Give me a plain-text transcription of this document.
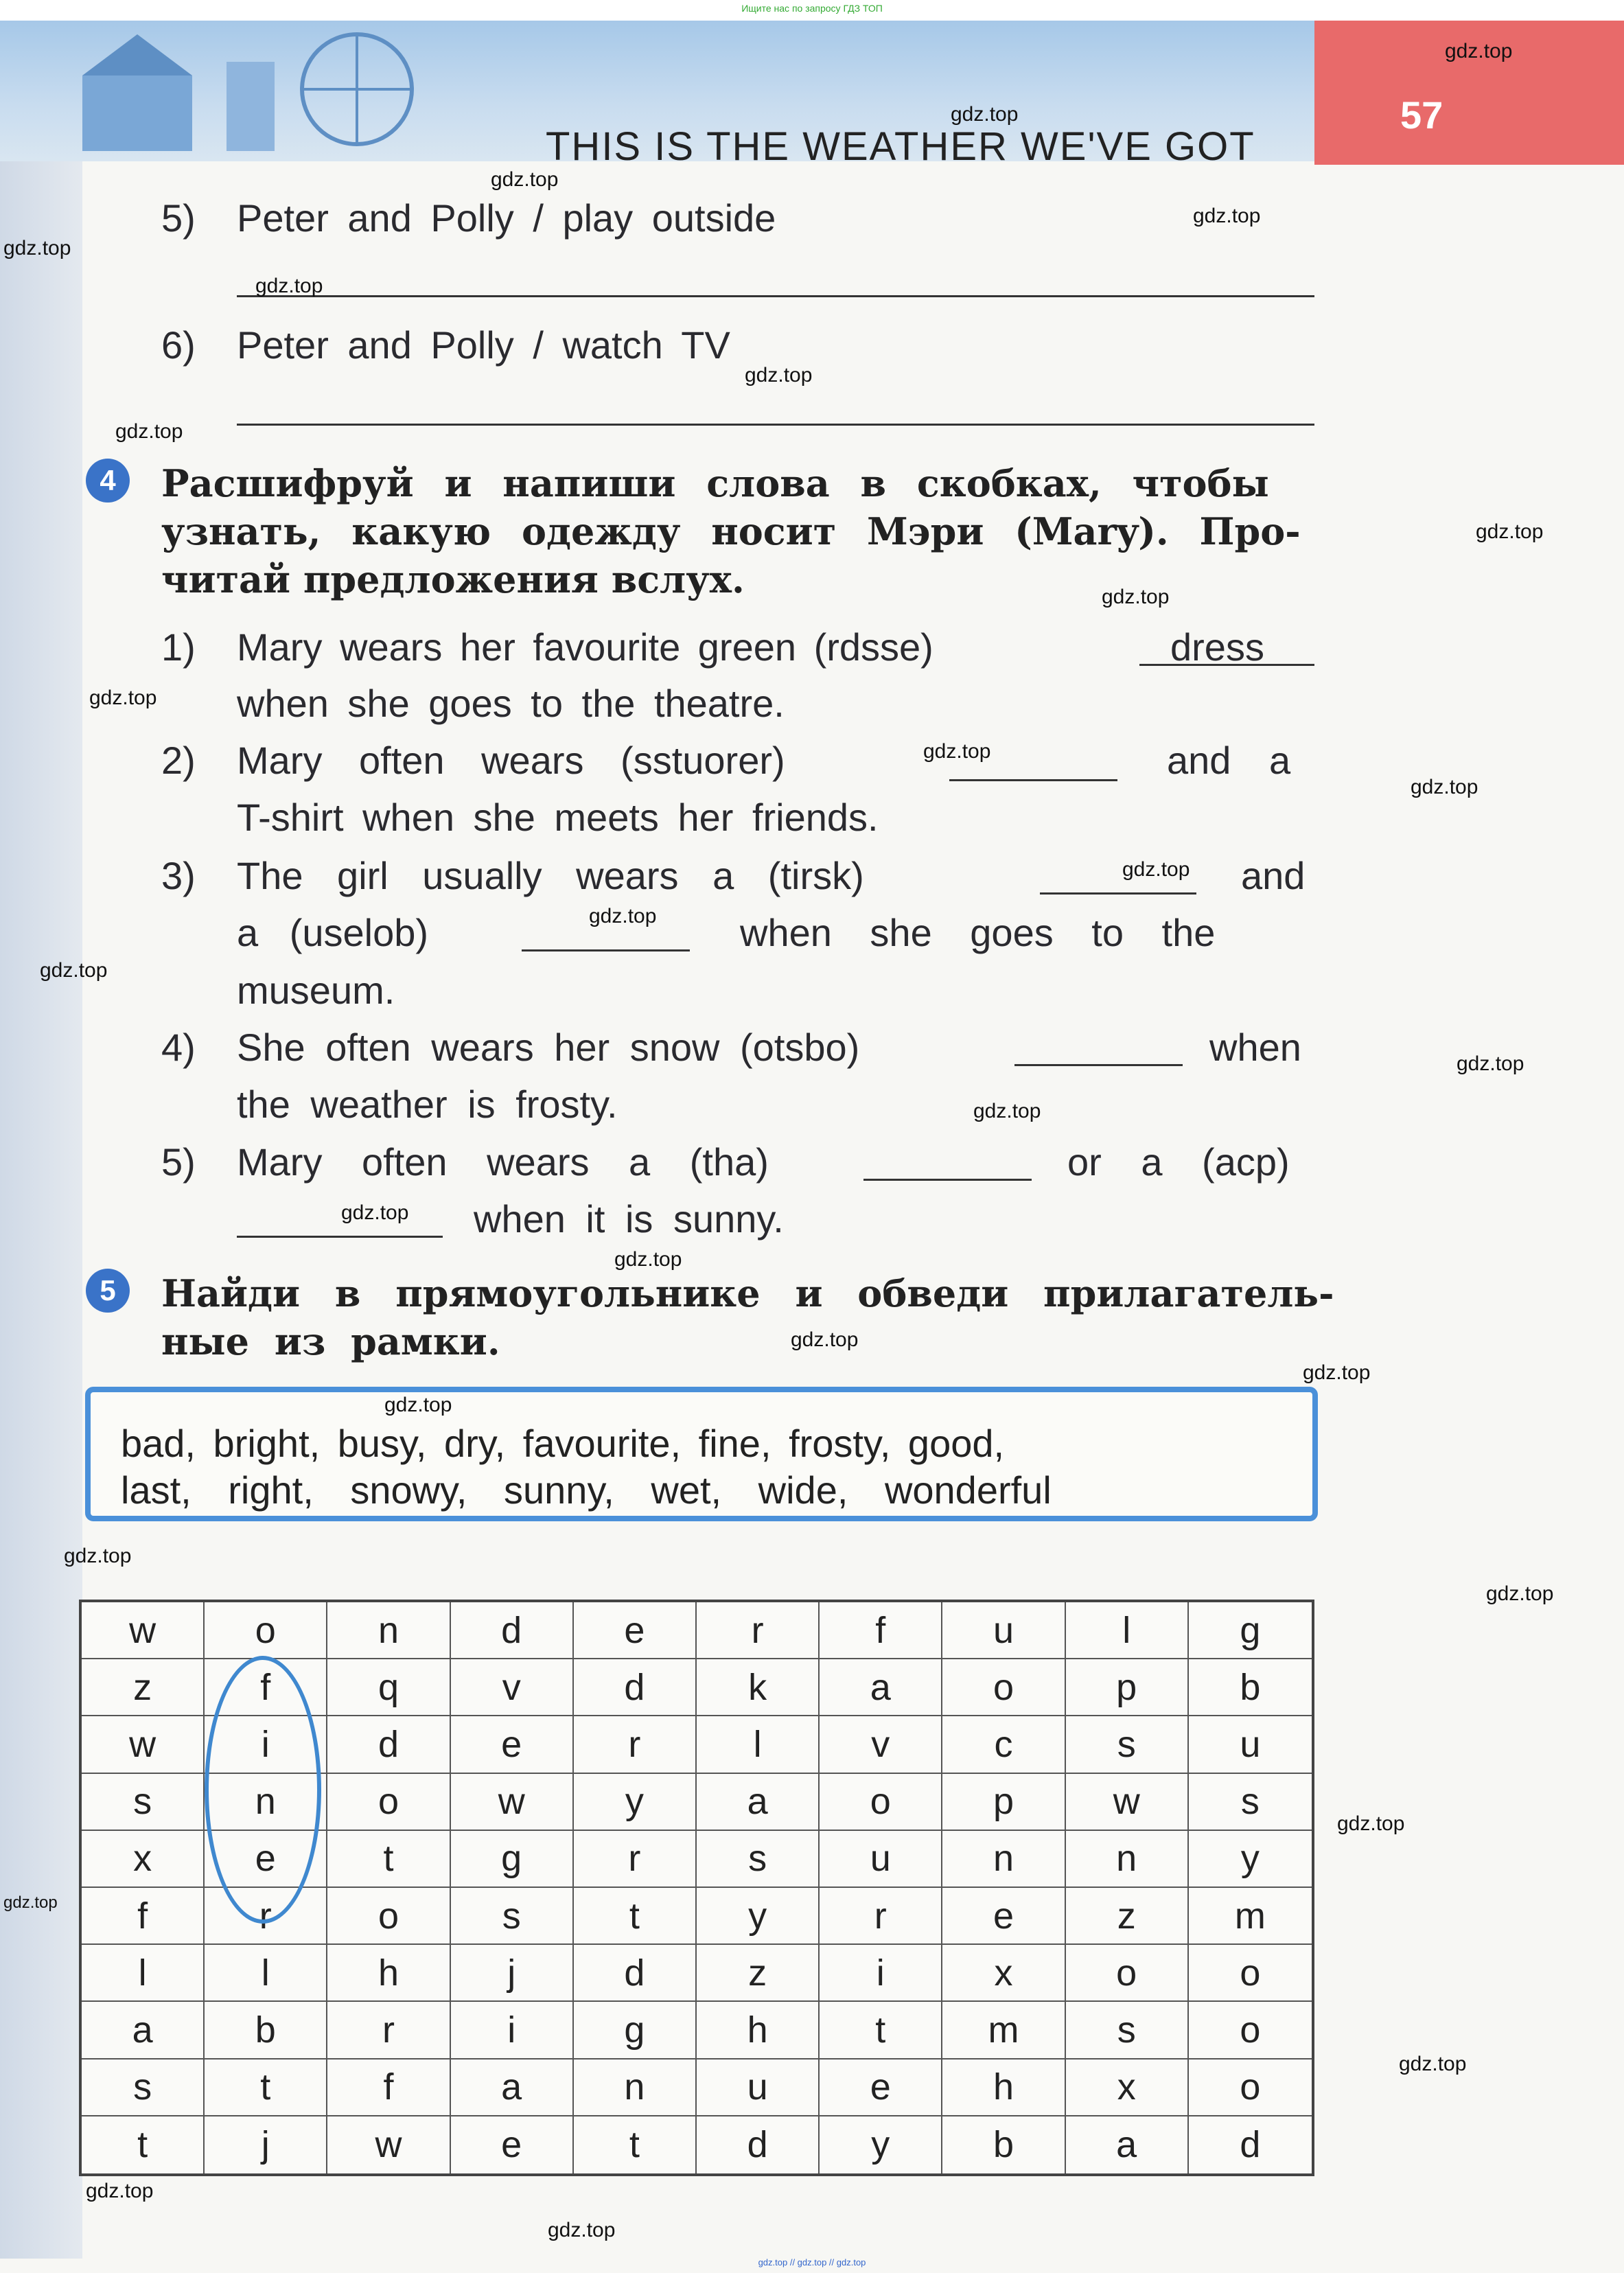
Ищите нас по запросу ГДЗ ТОП
57
THIS IS THE WEATHER WE'VE GOT
5) Peter and Polly / play outside
6) Peter and Polly / watch TV
4	Расшифруй и напиши слова в скобках, чтобы
узнать, какую одежду носит Мэри (Mary). Про-
читай предложения вслух.
1) Mary wears her favourite green (rdsse)	dress
when she goes to the theatre.
2) Mary often wears (sstuorer)	and a
T-shirt when she meets her friends.
3) The girl usually wears a (tirsk)	and
a (uselob)	when she goes to the
museum.
4) She often wears her snow (otsbo)	when
the weather is frosty.
5) Mary often wears a (tha)	or a (acp)
when it is sunny.
5	Найди в прямоугольнике и обведи прилагатель-
ные из рамки.
bad, bright, busy, dry, favourite, fine, frosty, good,
last, right, snowy, sunny, wet, wide, wonderful
w	o	n	d	e	r	f	u	l	g
z	f	q	v	d	k	a	o	p	b
w	i	d	e	r	l	v	c	s	u
s	n	o	w	y	a	o	p	w	s
x	e	t	g	r	s	u	n	n	y
f	r	o	s	t	y	r	e	z	m
l	l	h	j	d	z	i	x	o	o
a	b	r	i	g	h	t	m	s	o
s	t	f	a	n	u	e	h	x	o
t	j	w	e	t	d	y	b	a	d
gdz.top
gdz.top
gdz.top
gdz.top
gdz.top
gdz.top
gdz.top
gdz.top
gdz.top
gdz.top
gdz.top
gdz.top
gdz.top
gdz.top
gdz.top
gdz.top
gdz.top
gdz.top
gdz.top
gdz.top
gdz.top
gdz.top
gdz.top
gdz.top
gdz.top
gdz.top
gdz.top
gdz.top
gdz.top
gdz.top
gdz.top // gdz.top // gdz.top
